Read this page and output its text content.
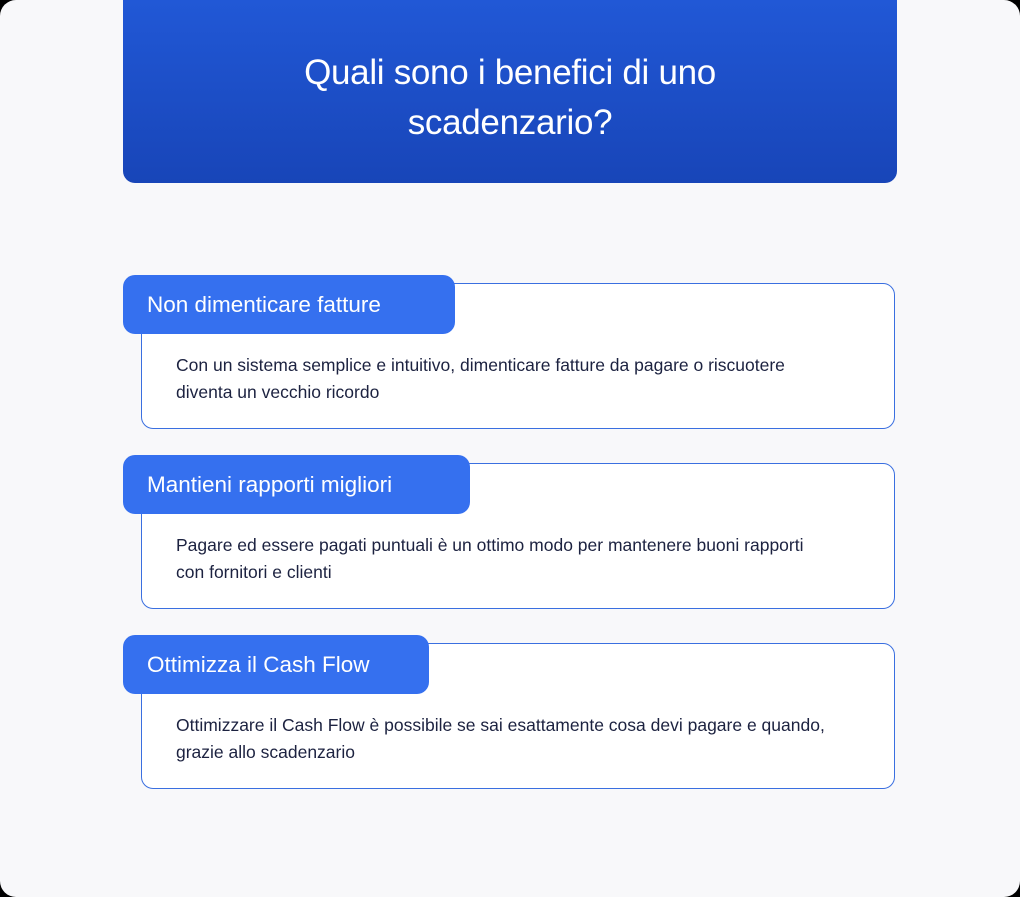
Quali sono i benefici di uno scadenzario?
Con un sistema semplice e intuitivo, dimenticare fatture da pagare o riscuotere diventa un vecchio ricordo
Non dimenticare fatture
Pagare ed essere pagati puntuali è un ottimo modo per mantenere buoni rapporti con fornitori e clienti
Mantieni rapporti migliori
Ottimizzare il Cash Flow è possibile se sai esattamente cosa devi pagare e quando, grazie allo scadenzario
Ottimizza il Cash Flow
